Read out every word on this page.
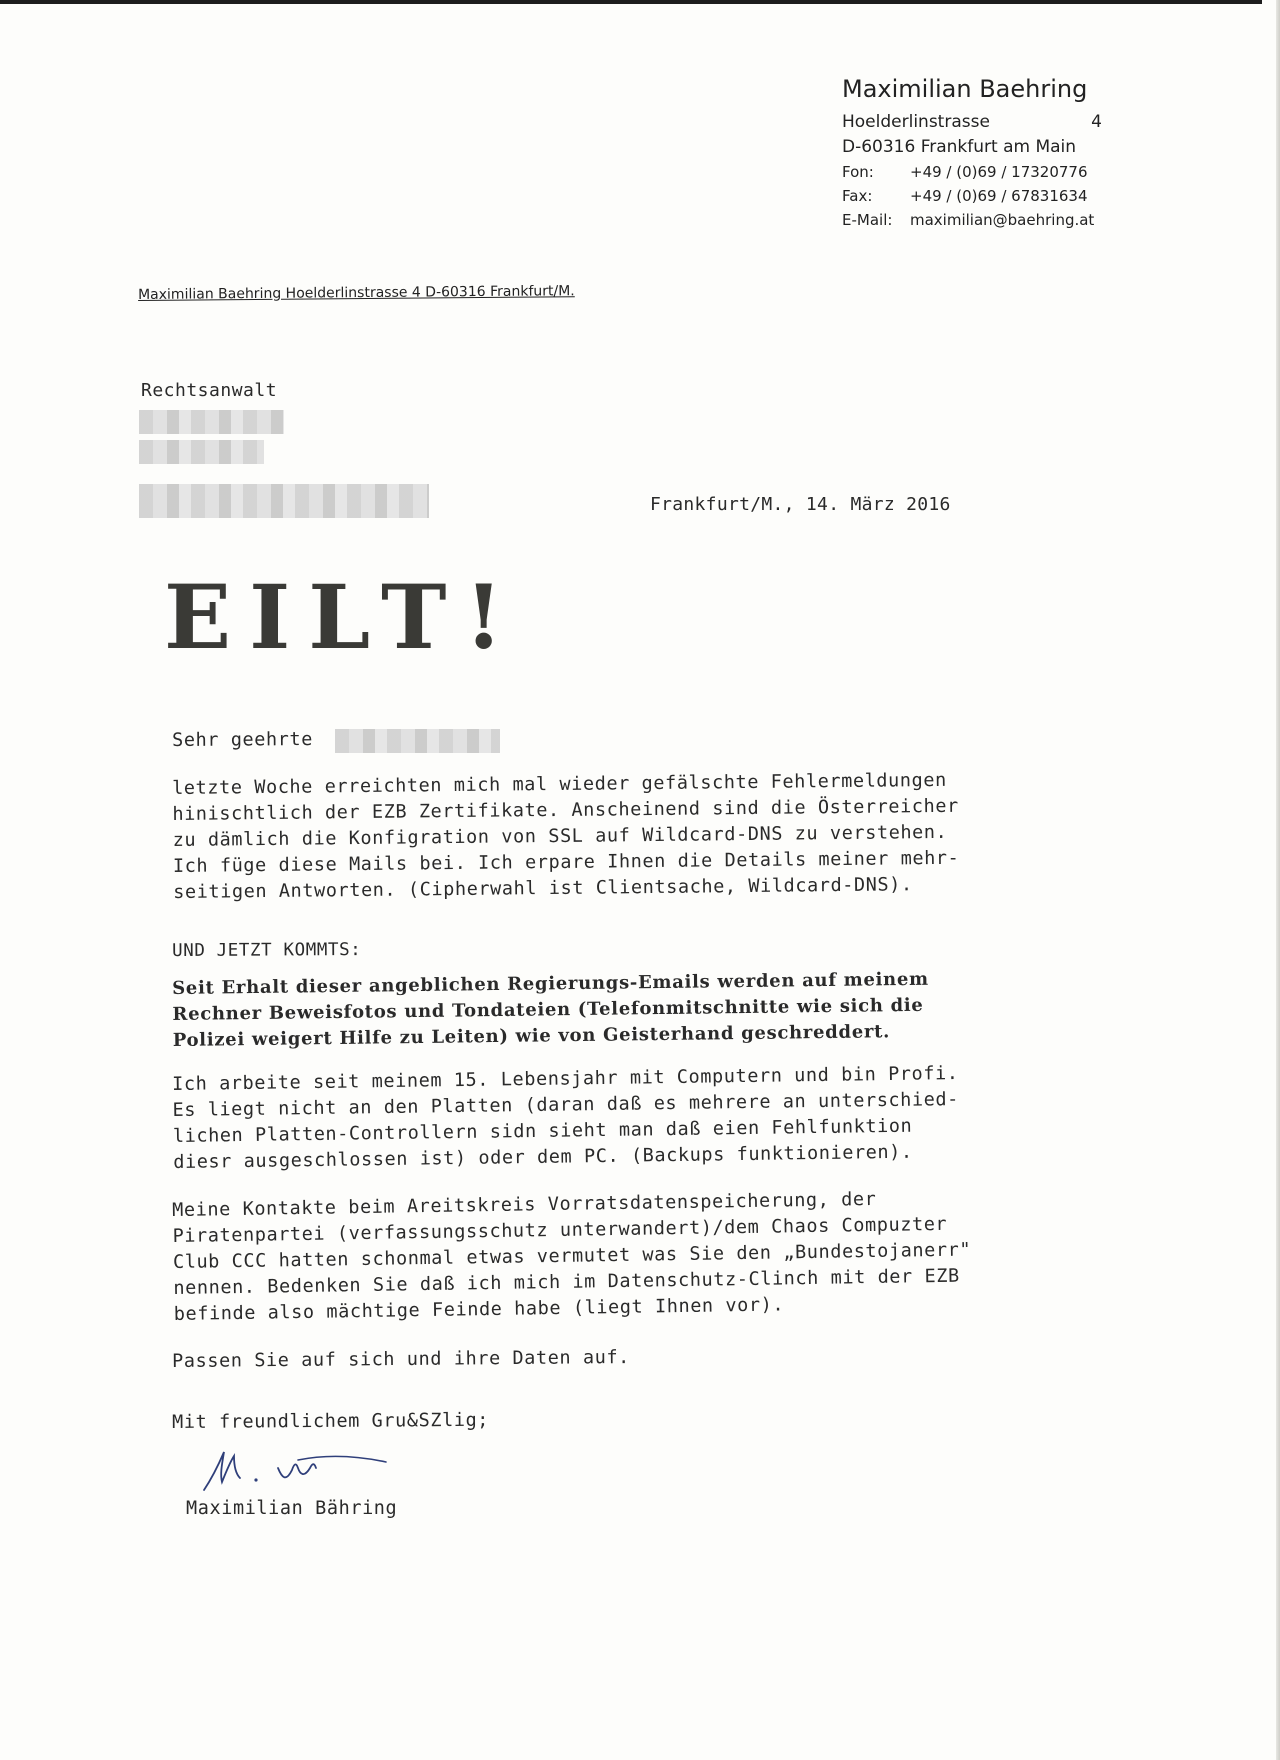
Maximilian Baehring
Hoelderlinstrasse	4
D-60316 Frankfurt am Main
Fon:	+49 / (0)69 / 17320776
Fax:	+49 / (0)69 / 67831634
E-Mail:	maximilian@baehring.at
Maximilian Baehring Hoelderlinstrasse 4 D-60316 Frankfurt/M.
Rechtsanwalt
Frankfurt/M., 14. März 2016
EILT!
Sehr geehrte
letzte Woche erreichten mich mal wieder gefälschte Fehlermeldungen
hinischtlich der EZB Zertifikate. Anscheinend sind die Österreicher
zu dämlich die Konfigration von SSL auf Wildcard-DNS zu verstehen.
Ich füge diese Mails bei. Ich erpare Ihnen die Details meiner mehr-
seitigen Antworten. (Cipherwahl ist Clientsache, Wildcard-DNS).
UND JETZT KOMMTS:
Seit Erhalt dieser angeblichen Regierungs-Emails werden auf meinem
Rechner Beweisfotos und Tondateien (Telefonmitschnitte wie sich die
Polizei weigert Hilfe zu Leiten) wie von Geisterhand geschreddert.
Ich arbeite seit meinem 15. Lebensjahr mit Computern und bin Profi.
Es liegt nicht an den Platten (daran daß es mehrere an unterschied-
lichen Platten-Controllern sidn sieht man daß eien Fehlfunktion
diesr ausgeschlossen ist) oder dem PC. (Backups funktionieren).
Meine Kontakte beim Areitskreis Vorratsdatenspeicherung, der
Piratenpartei (verfassungsschutz unterwandert)/dem Chaos Compuzter
Club CCC hatten schonmal etwas vermutet was Sie den „Bundestojanerr"
nennen. Bedenken Sie daß ich mich im Datenschutz-Clinch mit der EZB
befinde also mächtige Feinde habe (liegt Ihnen vor).
Passen Sie auf sich und ihre Daten auf.
Mit freundlichem Gru&SZlig;
Maximilian Bähring
